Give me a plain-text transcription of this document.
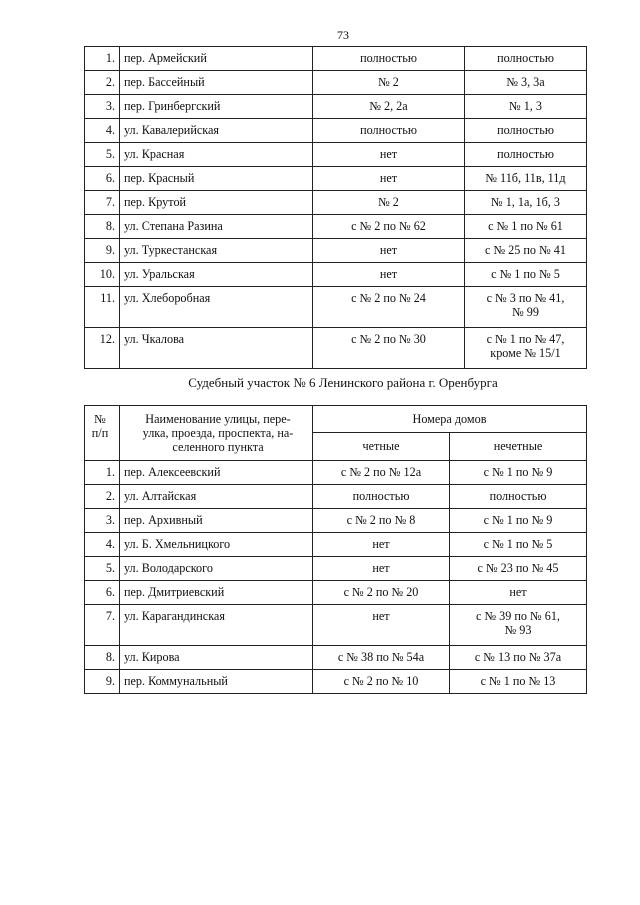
73
1.	пер. Армейский	полностью	полностью
2.	пер. Бассейный	№ 2	№ 3, 3а
3.	пер. Гринбергский	№ 2, 2а	№ 1, 3
4.	ул. Кавалерийская	полностью	полностью
5.	ул. Красная	нет	полностью
6.	пер. Красный	нет	№ 11б, 11в, 11д
7.	пер. Крутой	№ 2	№ 1, 1а, 1б, 3
8.	ул. Степана Разина	с № 2 по № 62	с № 1 по № 61
9.	ул. Туркестанская	нет	с № 25 по № 41
10.	ул. Уральская	нет	с № 1 по № 5
11.	ул. Хлеборобная	с № 2 по № 24	с № 3 по № 41,
№ 99
12.	ул. Чкалова	с № 2 по № 30	с № 1 по № 47,
кроме № 15/1
Судебный участок № 6 Ленинского района г. Оренбурга
№
п/п	Наименование улицы, пере-
улка, проезда, проспекта, на-
селенного пункта	Номера домов	
		четные	нечетные
1.	пер. Алексеевский	с № 2 по № 12а	с № 1 по № 9
2.	ул. Алтайская	полностью	полностью
3.	пер. Архивный	с № 2 по № 8	с № 1 по № 9
4.	ул. Б. Хмельницкого	нет	с № 1 по № 5
5.	ул. Володарского	нет	с № 23 по № 45
6.	пер. Дмитриевский	с № 2 по № 20	нет
7.	ул. Карагандинская	нет	с № 39 по № 61,
№ 93
8.	ул. Кирова	с № 38 по № 54а	с № 13 по № 37а
9.	пер. Коммунальный	с № 2 по № 10	с № 1 по № 13
